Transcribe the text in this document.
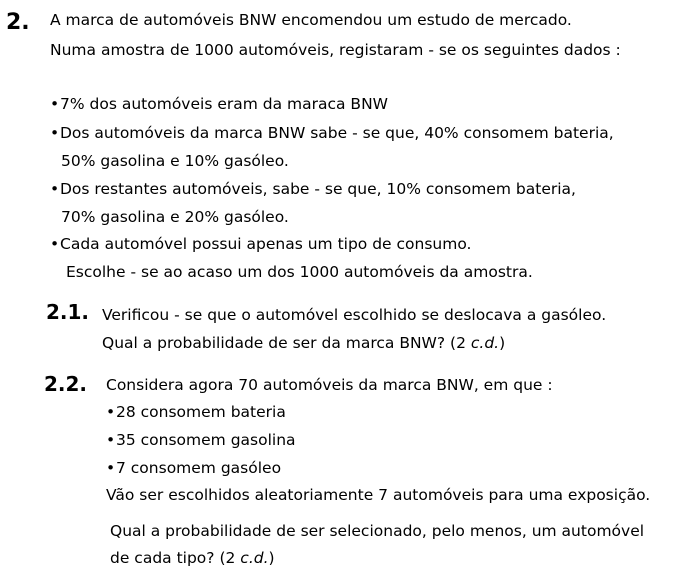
2. A marca de automóveis BNW encomendou um estudo de mercado.
Numa amostra de 1000 automóveis, registaram - se os seguintes dados :
•7% dos automóveis eram da maraca BNW
•Dos automóveis da marca BNW sabe - se que, 40% consomem bateria,
50% gasolina e 10% gasóleo.
•Dos restantes automóveis, sabe - se que, 10% consomem bateria,
70% gasolina e 20% gasóleo.
•Cada automóvel possui apenas um tipo de consumo.
Escolhe - se ao acaso um dos 1000 automóveis da amostra.
2.1. Verificou - se que o automóvel escolhido se deslocava a gasóleo.
Qual a probabilidade de ser da marca BNW? (2 c.d.)
2.2. Considera agora 70 automóveis da marca BNW, em que :
•28 consomem bateria
•35 consomem gasolina
•7 consomem gasóleo
Vão ser escolhidos aleatoriamente 7 automóveis para uma exposição.
Qual a probabilidade de ser selecionado, pelo menos, um automóvel
de cada tipo? (2 c.d.)
